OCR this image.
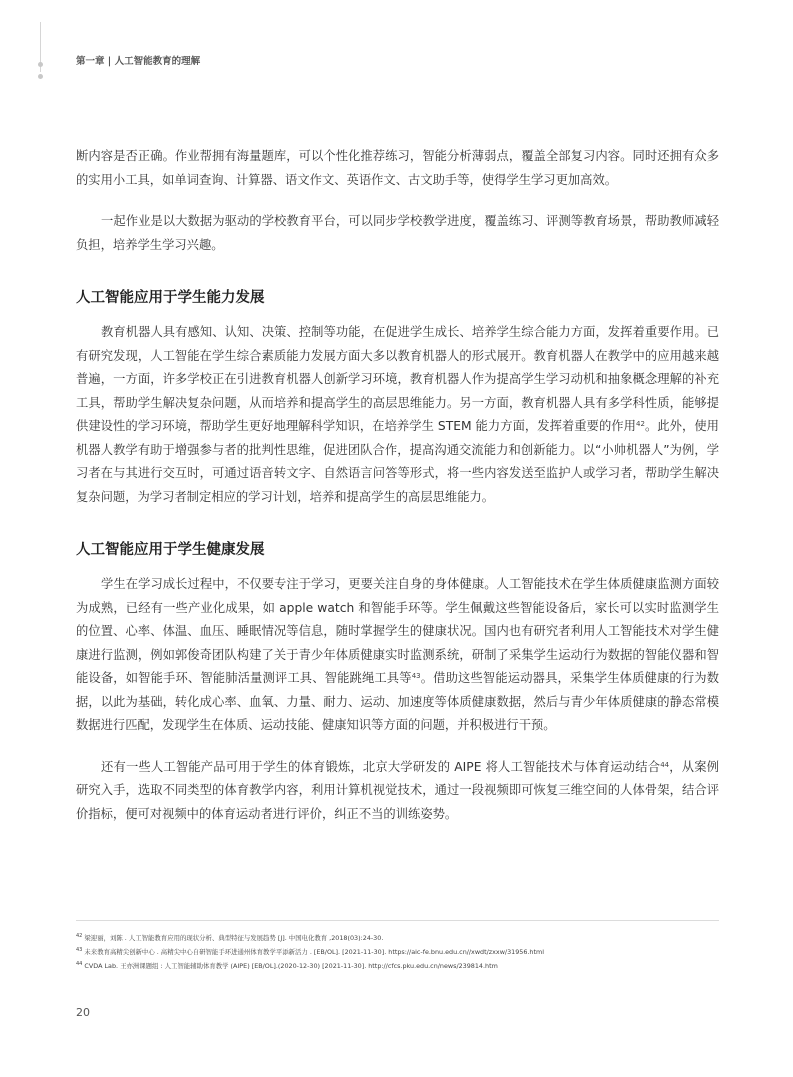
第一章 | 人工智能教育的理解

断内容是否正确。作业帮拥有海量题库，可以个性化推荐练习，智能分析薄弱点，覆盖全部复习内容。同时还拥有众多的实用小工具，如单词查询、计算器、语文作文、英语作文、古文助手等，使得学生学习更加高效。

一起作业是以大数据为驱动的学校教育平台，可以同步学校教学进度，覆盖练习、评测等教育场景，帮助教师减轻负担，培养学生学习兴趣。

人工智能应用于学生能力发展

教育机器人具有感知、认知、决策、控制等功能，在促进学生成长、培养学生综合能力方面，发挥着重要作用。已有研究发现，人工智能在学生综合素质能力发展方面大多以教育机器人的形式展开。教育机器人在教学中的应用越来越普遍，一方面，许多学校正在引进教育机器人创新学习环境，教育机器人作为提高学生学习动机和抽象概念理解的补充工具，帮助学生解决复杂问题，从而培养和提高学生的高层思维能力。另一方面，教育机器人具有多学科性质，能够提供建设性的学习环境，帮助学生更好地理解科学知识，在培养学生 STEM 能力方面，发挥着重要的作用$^{42}$。此外，使用机器人教学有助于增强参与者的批判性思维，促进团队合作，提高沟通交流能力和创新能力。以“小帅机器人”为例，学习者在与其进行交互时，可通过语音转文字、自然语言问答等形式，将一些内容发送至监护人或学习者，帮助学生解决复杂问题，为学习者制定相应的学习计划，培养和提高学生的高层思维能力。

人工智能应用于学生健康发展

学生在学习成长过程中，不仅要专注于学习，更要关注自身的身体健康。人工智能技术在学生体质健康监测方面较为成熟，已经有一些产业化成果，如 apple watch 和智能手环等。学生佩戴这些智能设备后，家长可以实时监测学生的位置、心率、体温、血压、睡眠情况等信息，随时掌握学生的健康状况。国内也有研究者利用人工智能技术对学生健康进行监测，例如郭俊奇团队构建了关于青少年体质健康实时监测系统，研制了采集学生运动行为数据的智能仪器和智能设备，如智能手环、智能肺活量测评工具、智能跳绳工具等$^{43}$。借助这些智能运动器具，采集学生体质健康的行为数据，以此为基础，转化成心率、血氧、力量、耐力、运动、加速度等体质健康数据，然后与青少年体质健康的静态常模数据进行匹配，发现学生在体质、运动技能、健康知识等方面的问题，并积极进行干预。

还有一些人工智能产品可用于学生的体育锻炼，北京大学研发的 AIPE 将人工智能技术与体育运动结合$^{44}$，从案例研究入手，选取不同类型的体育教学内容，利用计算机视觉技术，通过一段视频即可恢复三维空间的人体骨架，结合评价指标，便可对视频中的体育运动者进行评价，纠正不当的训练姿势。

$^{42}$ 梁迎丽，刘陈 . 人工智能教育应用的现状分析、典型特征与发展趋势 [J]. 中国电化教育 ,2018(03):24-30.

$^{43}$ 未来教育高精尖创新中心 . 高精尖中心自研智能手环进通州体育教学平添新活力 . [EB/OL]. [2021-11-30]. https://aic-fe.bnu.edu.cn//xwdt/zxxw/31956.html

$^{44}$ CVDA Lab. 王亦洲课题组 : 人工智能辅助体育教学 (AIPE) [EB/OL].(2020-12-30) [2021-11-30]. http://cfcs.pku.edu.cn/news/239814.htm

20
